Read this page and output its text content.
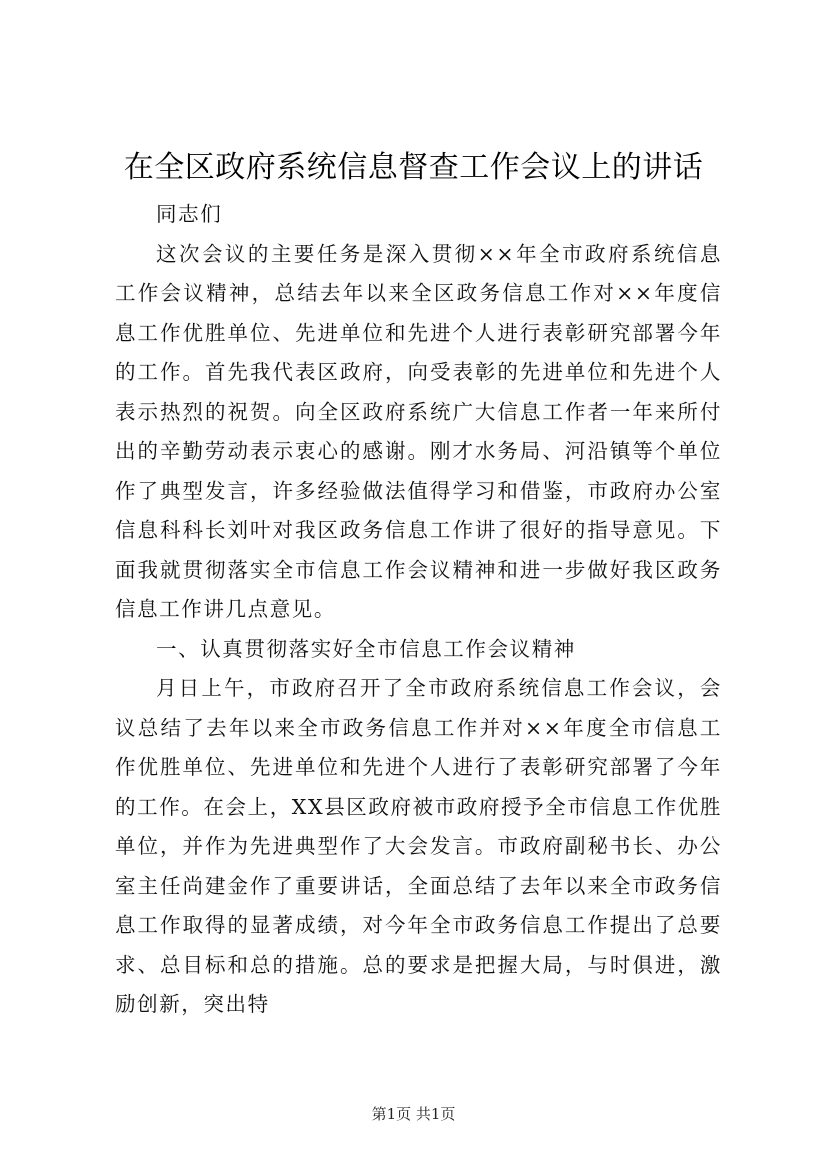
在全区政府系统信息督查工作会议上的讲话

同志们

这次会议的主要任务是深入贯彻××年全市政府系统信息工作会议精神，总结去年以来全区政务信息工作对××年度信息工作优胜单位、先进单位和先进个人进行表彰研究部署今年的工作。首先我代表区政府，向受表彰的先进单位和先进个人表示热烈的祝贺。向全区政府系统广大信息工作者一年来所付出的辛勤劳动表示衷心的感谢。刚才水务局、河沿镇等个单位作了典型发言，许多经验做法值得学习和借鉴，市政府办公室信息科科长刘叶对我区政务信息工作讲了很好的指导意见。下面我就贯彻落实全市信息工作会议精神和进一步做好我区政务信息工作讲几点意见。

一、认真贯彻落实好全市信息工作会议精神

月日上午，市政府召开了全市政府系统信息工作会议，会议总结了去年以来全市政务信息工作并对××年度全市信息工作优胜单位、先进单位和先进个人进行了表彰研究部署了今年的工作。在会上，XX县区政府被市政府授予全市信息工作优胜单位，并作为先进典型作了大会发言。市政府副秘书长、办公室主任尚建金作了重要讲话，全面总结了去年以来全市政务信息工作取得的显著成绩，对今年全市政务信息工作提出了总要求、总目标和总的措施。总的要求是把握大局，与时俱进，激励创新，突出特

第1页 共1页
